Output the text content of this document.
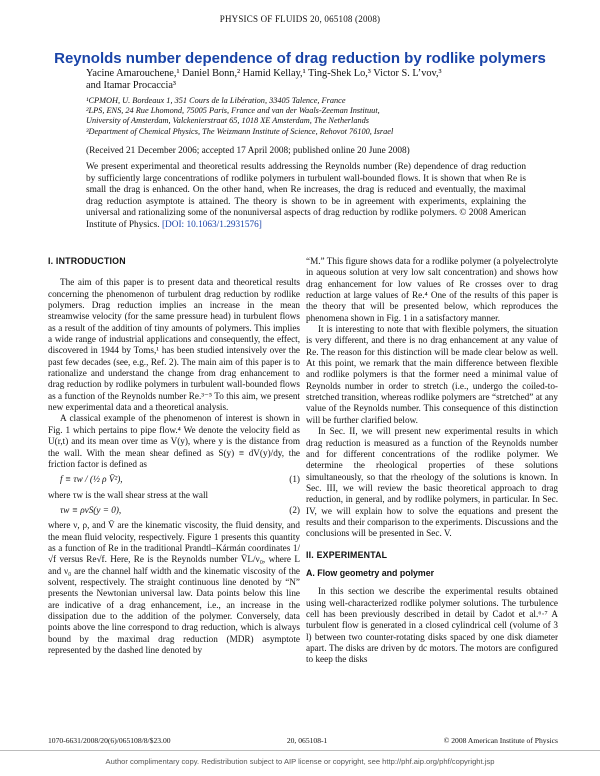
PHYSICS OF FLUIDS 20, 065108 (2008)
Reynolds number dependence of drag reduction by rodlike polymers
Yacine Amarouchene,¹ Daniel Bonn,² Hamid Kellay,¹ Ting-Shek Lo,³ Victor S. L’vov,³
and Itamar Procaccia³
¹CPMOH, U. Bordeaux 1, 351 Cours de la Libération, 33405 Talence, France
²LPS, ENS, 24 Rue Lhomond, 75005 Paris, France and van der Waals-Zeeman Instituut,
University of Amsterdam, Valckenierstraat 65, 1018 XE Amsterdam, The Netherlands
³Department of Chemical Physics, The Weizmann Institute of Science, Rehovot 76100, Israel
(Received 21 December 2006; accepted 17 April 2008; published online 20 June 2008)

We present experimental and theoretical results addressing the Reynolds number (Re) dependence of drag reduction by sufficiently large concentrations of rodlike polymers in turbulent wall-bounded flows. It is shown that when Re is small the drag is enhanced. On the other hand, when Re increases, the drag is reduced and eventually, the maximal drag reduction asymptote is attained. The theory is shown to be in agreement with experiments, explaining the universal and rationalizing some of the nonuniversal aspects of drag reduction by rodlike polymers. © 2008 American Institute of Physics. [DOI: 10.1063/1.2931576]

I. INTRODUCTION

The aim of this paper is to present data and theoretical results concerning the phenomenon of turbulent drag reduction by rodlike polymers. Drag reduction implies an increase in the mean streamwise velocity (for the same pressure head) in turbulent flows as a result of the addition of tiny amounts of polymers. This implies a wide range of industrial applications and consequently, the effect, discovered in 1944 by Toms,¹ has been studied intensively over the past few decades (see, e.g., Ref. 2). The main aim of this paper is to rationalize and understand the change from drag enhancement to drag reduction by rodlike polymers in turbulent wall-bounded flows as a function of the Reynolds number Re.³⁻⁵ To this aim, we present new experimental data and a theoretical analysis.

A classical example of the phenomenon of interest is shown in Fig. 1 which pertains to pipe flow.⁴ We denote the velocity field as U(r,t) and its mean over time as V(y), where y is the distance from the wall. With the mean shear defined as S(y) ≡ dV(y)/dy, the friction factor is defined as

f ≡ τw / (½ ρ V̄²),	(1)

where τw is the wall shear stress at the wall

τw ≡ ρνS(y = 0),	(2)

where ν, ρ, and V̄ are the kinematic viscosity, the fluid density, and the mean fluid velocity, respectively. Figure 1 presents this quantity as a function of Re in the traditional Prandtl–Kármán coordinates 1/√f versus Re√f. Here, Re is the Reynolds number V̄L/ν₀, where L and ν₀ are the channel half width and the kinematic viscosity of the solvent, respectively. The straight continuous line denoted by “N” presents the Newtonian universal law. Data points below this line are indicative of a drag enhancement, i.e., an increase in the dissipation due to the addition of the polymer. Conversely, data points above the line correspond to drag reduction, which is always bound by the maximal drag reduction (MDR) asymptote represented by the dashed line denoted by

“M.” This figure shows data for a rodlike polymer (a polyelectrolyte in aqueous solution at very low salt concentration) and shows how drag enhancement for low values of Re crosses over to drag reduction at large values of Re.⁴ One of the results of this paper is the theory that will be presented below, which reproduces the phenomena shown in Fig. 1 in a satisfactory manner.

It is interesting to note that with flexible polymers, the situation is very different, and there is no drag enhancement at any value of Re. The reason for this distinction will be made clear below as well. At this point, we remark that the main difference between flexible and rodlike polymers is that the former need a minimal value of Reynolds number in order to stretch (i.e., undergo the coiled-to-stretched transition, whereas rodlike polymers are “stretched” at any value of the Reynolds number. This consequence of this distinction will be further clarified below.

In Sec. II, we will present new experimental results in which drag reduction is measured as a function of the Reynolds number and for different concentrations of the rodlike polymer. We determine the rheological properties of these solutions simultaneously, so that the rheology of the solutions is known. In Sec. III, we will review the basic theoretical approach to drag reduction, in general, and by rodlike polymers, in particular. In Sec. IV, we will explain how to solve the equations and present the results and their comparison to the experiments. Discussions and the conclusions will be presented in Sec. V.

II. EXPERIMENTAL
A. Flow geometry and polymer

In this section we describe the experimental results obtained using well-characterized rodlike polymer solutions. The turbulence cell has been previously described in detail by Cadot et al.⁶·⁷ A turbulent flow is generated in a closed cylindrical cell (volume of 3 l) between two counter-rotating disks spaced by one disk diameter apart. The disks are driven by dc motors. The motors are configured to keep the disks

1070-6631/2008/20(6)/065108/8/$23.00	20, 065108-1	© 2008 American Institute of Physics
Author complimentary copy. Redistribution subject to AIP license or copyright, see http://phf.aip.org/phf/copyright.jsp
